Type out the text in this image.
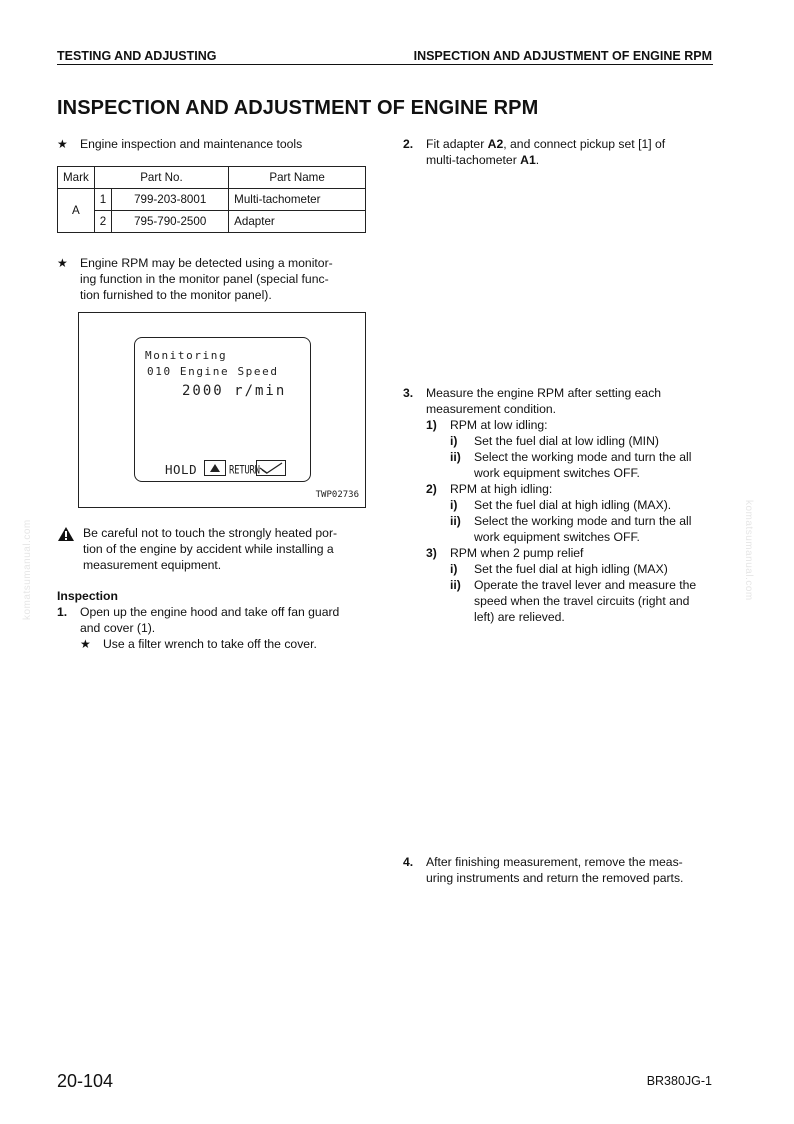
TESTING AND ADJUSTING	INSPECTION AND ADJUSTMENT OF ENGINE RPM
INSPECTION AND ADJUSTMENT OF ENGINE RPM
★ Engine inspection and maintenance tools
Mark	Part No.		Part Name
A	1	799-203-8001	Multi-tachometer
	2	795-790-2500	Adapter
★ Engine RPM may be detected using a monitor-
ing function in the monitor panel (special func-
tion furnished to the monitor panel).
Monitoring
010 Engine Speed
2000 r/min
HOLD	RETURN
TWP02736
Be careful not to touch the strongly heated por-
tion of the engine by accident while installing a
measurement equipment.
Inspection
1.	Open up the engine hood and take off fan guard
and cover (1).
★ Use a filter wrench to take off the cover.
2.	Fit adapter A2, and connect pickup set [1] of
multi-tachometer A1.
3.	Measure the engine RPM after setting each
measurement condition.
1)	RPM at low idling:
i)	Set the fuel dial at low idling (MIN)
ii)	Select the working mode and turn the all
work equipment switches OFF.
2)	RPM at high idling:
i)	Set the fuel dial at high idling (MAX).
ii)	Select the working mode and turn the all
work equipment switches OFF.
3)	RPM when 2 pump relief
i)	Set the fuel dial at high idling (MAX)
ii)	Operate the travel lever and measure the
speed when the travel circuits (right and
left) are relieved.
4.	After finishing measurement, remove the meas-
uring instruments and return the removed parts.
komatsumanual.com	komatsumanual.com
20-104	BR380JG-1
